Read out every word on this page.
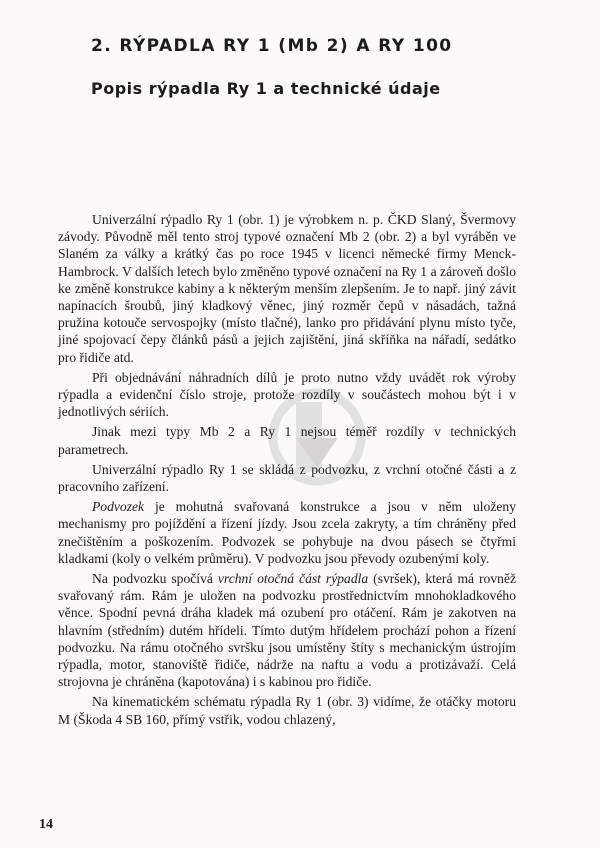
2. RÝPADLA RY 1 (Mb 2) A RY 100
Popis rýpadla Ry 1 a technické údaje

Univerzální rýpadlo Ry 1 (obr. 1) je výrobkem n. p. ČKD Slaný, Švermovy závody. Původně měl tento stroj typové označení Mb 2 (obr. 2) a byl vyráběn ve Slaném za války a krátký čas po roce 1945 v licenci německé firmy Menck-Hambrock. V dalších letech bylo změněno typové označení na Ry 1 a zároveň došlo ke změně konstrukce kabiny a k některým menším zlepšením. Je to např. jiný závit napínacích šroubů, jiný kladkový věnec, jiný rozměr čepů v násadách, tažná pružina kotouče servospojky (místo tlačné), lanko pro přidávání plynu místo tyče, jiné spojovací čepy článků pásů a jejich zajištění, jiná skříňka na nářadí, sedátko pro řidiče atd.

Při objednávání náhradních dílů je proto nutno vždy uvádět rok výroby rýpadla a evidenční číslo stroje, protože rozdíly v součástech mohou být i v jednotlivých sériích.

Jinak mezi typy Mb 2 a Ry 1 nejsou téměř rozdíly v technických parametrech.

Univerzální rýpadlo Ry 1 se skládá z podvozku, z vrchní otočné části a z pracovního zařízení.

Podvozek je mohutná svařovaná konstrukce a jsou v něm uloženy mechanismy pro pojíždění a řízení jízdy. Jsou zcela zakryty, a tím chráněny před znečištěním a poškozením. Podvozek se pohybuje na dvou pásech se čtyřmi kladkami (koly o velkém průměru). V podvozku jsou převody ozubenými koly.

Na podvozku spočívá vrchní otočná část rýpadla (svršek), která má rovněž svařovaný rám. Rám je uložen na podvozku prostřednictvím mnohokladkového věnce. Spodní pevná dráha kladek má ozubení pro otáčení. Rám je zakotven na hlavním (středním) dutém hřídeli. Tímto dutým hřídelem prochází pohon a řízení podvozku. Na rámu otočného svršku jsou umístěny štíty s mechanickým ústrojím rýpadla, motor, stanoviště řidiče, nádrže na naftu a vodu a protizávaží. Celá strojovna je chráněna (kapotována) i s kabinou pro řidiče.

Na kinematickém schématu rýpadla Ry 1 (obr. 3) vidíme, že otáčky motoru M (Škoda 4 SB 160, přímý vstřik, vodou chlazený,

14
